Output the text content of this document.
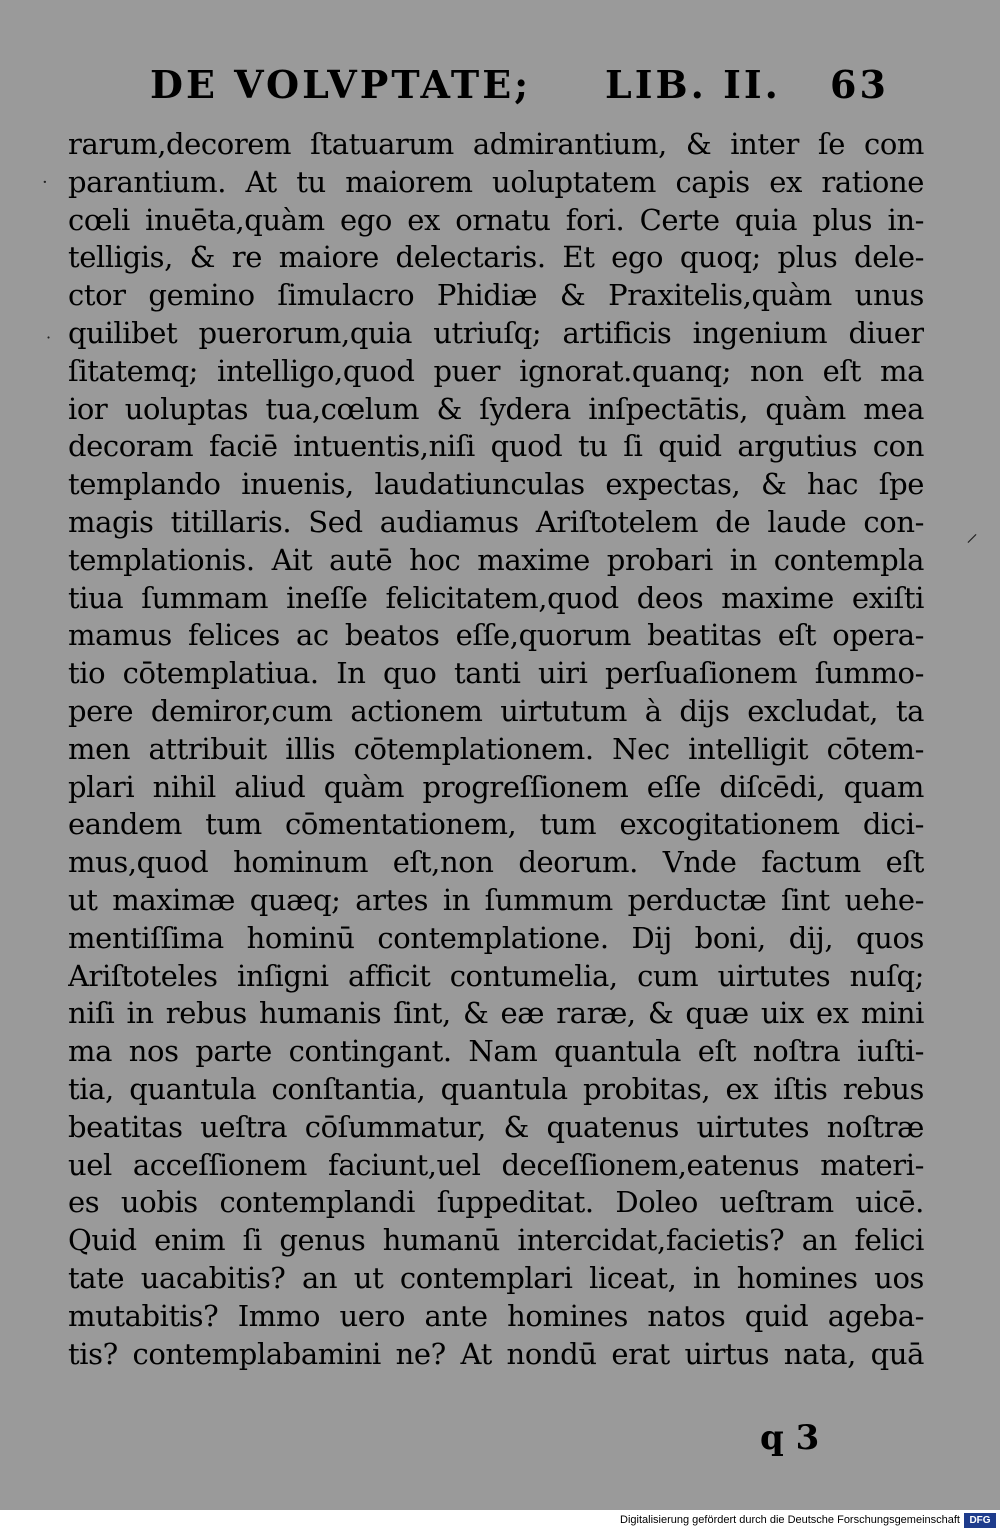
DE VOLVPTATE; LIB. II. 63
rarum,decorem ſtatuarum admirantium, & inter ſe com
parantium. At tu maiorem uoluptatem capis ex ratione
cœli inuēta,quàm ego ex ornatu fori. Certe quia plus in-
telligis, & re maiore delectaris. Et ego quoq; plus dele-
ctor gemino ſimulacro Phidiæ & Praxitelis,quàm unus
quilibet puerorum,quia utriuſq; artificis ingenium diuer
ſitatemq; intelligo,quod puer ignorat.quanq; non eſt ma
ior uoluptas tua,cœlum & ſydera inſpectātis, quàm mea
decoram faciē intuentis,niſi quod tu ſi quid argutius con
templando inuenis, laudatiunculas expectas, & hac ſpe
magis titillaris. Sed audiamus Ariſtotelem de laude con-
templationis. Ait autē hoc maxime probari in contempla
tiua ſummam ineſſe felicitatem,quod deos maxime exiſti
mamus felices ac beatos eſſe,quorum beatitas eſt opera-
tio cōtemplatiua. In quo tanti uiri perſuaſionem ſummo-
pere demiror,cum actionem uirtutum à dijs excludat, ta
men attribuit illis cōtemplationem. Nec intelligit cōtem-
plari nihil aliud quàm progreſſionem eſſe diſcēdi, quam
eandem tum cōmentationem, tum excogitationem dici-
mus,quod hominum eſt,non deorum. Vnde factum eſt
ut maximæ quæq; artes in ſummum perductæ ſint uehe-
mentiſſima hominū contemplatione. Dij boni, dij, quos
Ariſtoteles inſigni afficit contumelia, cum uirtutes nuſq;
niſi in rebus humanis ſint, & eæ raræ, & quæ uix ex mini
ma nos parte contingant. Nam quantula eſt noſtra iuſti-
tia, quantula conſtantia, quantula probitas, ex iſtis rebus
beatitas ueſtra cōſummatur, & quatenus uirtutes noſtræ
uel acceſſionem faciunt,uel deceſſionem,eatenus materi-
es uobis contemplandi ſuppeditat. Doleo ueſtram uicē.
Quid enim ſi genus humanū intercidat,facietis? an felici
tate uacabitis? an ut contemplari liceat, in homines uos
mutabitis? Immo uero ante homines natos quid ageba-
tis? contemplabamini ne? At nondū erat uirtus nata, quā
q 3
·
·
⸝
Digitalisierung gefördert durch die Deutsche Forschungsgemeinschaft DFG
